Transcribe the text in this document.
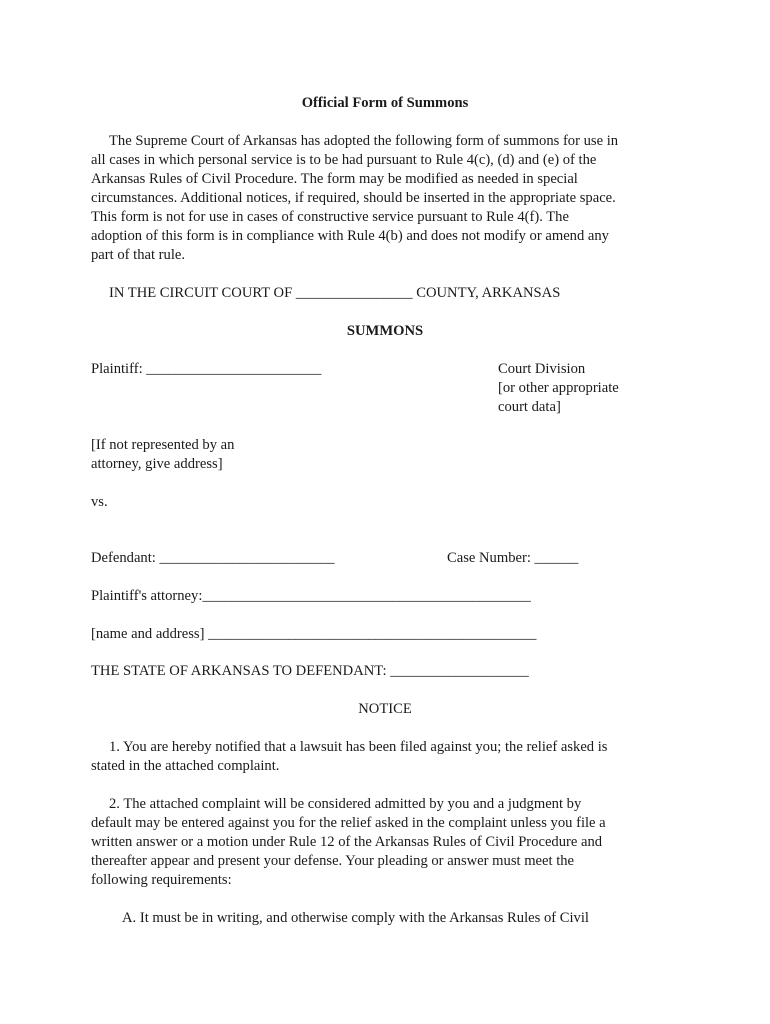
Official Form of Summons
The Supreme Court of Arkansas has adopted the following form of summons for use in
all cases in which personal service is to be had pursuant to Rule 4(c), (d) and (e) of the
Arkansas Rules of Civil Procedure. The form may be modified as needed in special
circumstances. Additional notices, if required, should be inserted in the appropriate space.
This form is not for use in cases of constructive service pursuant to Rule 4(f). The
adoption of this form is in compliance with Rule 4(b) and does not modify or amend any
part of that rule.
IN THE CIRCUIT COURT OF ________________ COUNTY, ARKANSAS
SUMMONS
Plaintiff: ________________________	Court Division
[or other appropriate
court data]
[If not represented by an
attorney, give address]
vs.
Defendant: ________________________	Case Number: ______
Plaintiff's attorney:_____________________________________________
[name and address] _____________________________________________
THE STATE OF ARKANSAS TO DEFENDANT: ___________________
NOTICE
1. You are hereby notified that a lawsuit has been filed against you; the relief asked is
stated in the attached complaint.
2. The attached complaint will be considered admitted by you and a judgment by
default may be entered against you for the relief asked in the complaint unless you file a
written answer or a motion under Rule 12 of the Arkansas Rules of Civil Procedure and
thereafter appear and present your defense. Your pleading or answer must meet the
following requirements:
A. It must be in writing, and otherwise comply with the Arkansas Rules of Civil
